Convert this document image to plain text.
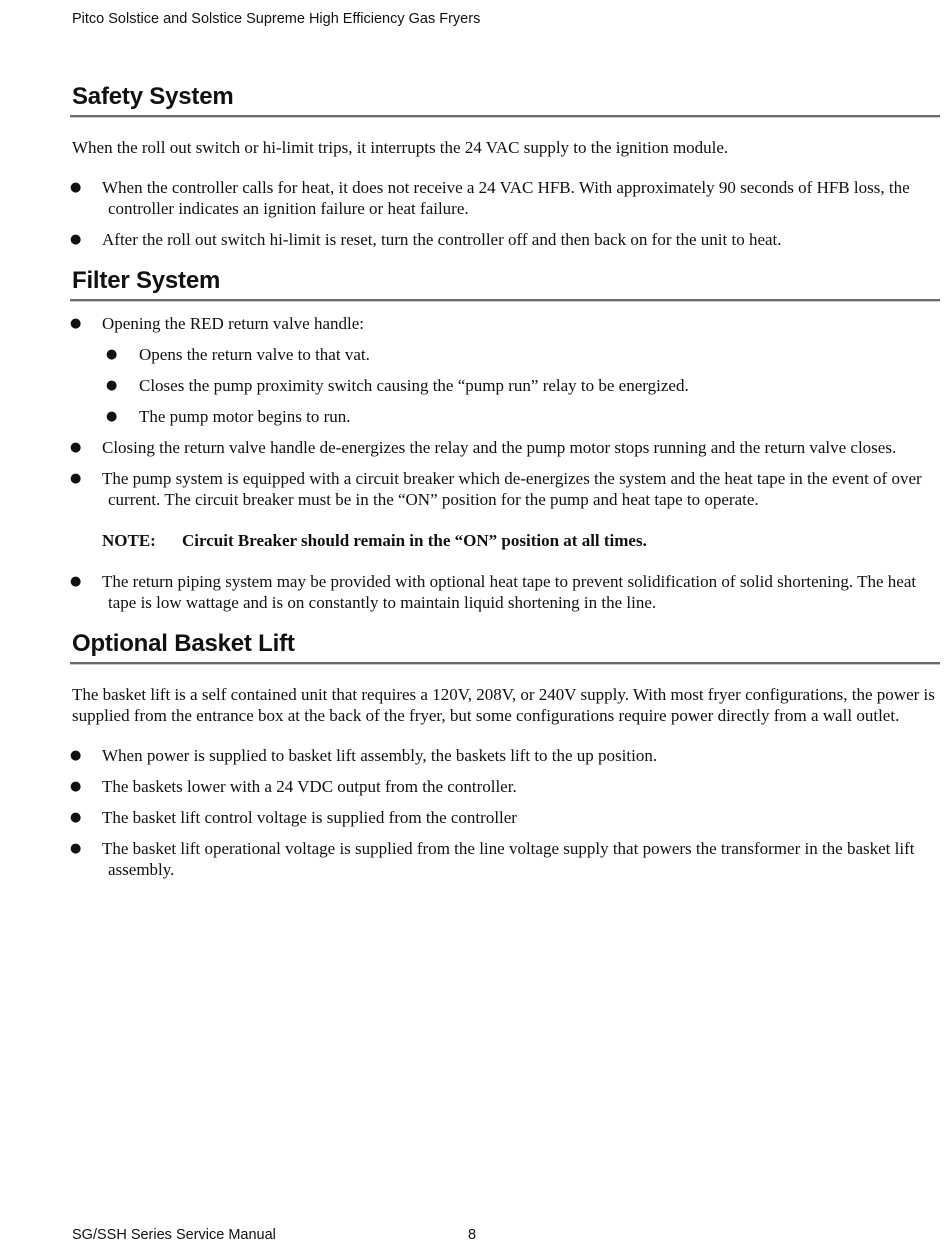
Pitco Solstice and Solstice Supreme High Efficiency Gas Fryers
Safety System

When the roll out switch or hi-limit trips, it interrupts the 24 VAC supply to the ignition module.

● When the controller calls for heat, it does not receive a 24 VAC HFB. With approximately 90 seconds of HFB loss, the controller indicates an ignition failure or heat failure.
● After the roll out switch hi-limit is reset, turn the controller off and then back on for the unit to heat.
Filter System
● Opening the RED return valve handle:
● Opens the return valve to that vat.
● Closes the pump proximity switch causing the “pump run” relay to be energized.
● The pump motor begins to run.
● Closing the return valve handle de-energizes the relay and the pump motor stops running and the return valve closes.
● The pump system is equipped with a circuit breaker which de-energizes the system and the heat tape in the event of over current. The circuit breaker must be in the “ON” position for the pump and heat tape to operate.
NOTE: Circuit Breaker should remain in the “ON” position at all times.
● The return piping system may be provided with optional heat tape to prevent solidification of solid shortening. The heat tape is low wattage and is on constantly to maintain liquid shortening in the line.
Optional Basket Lift

The basket lift is a self contained unit that requires a 120V, 208V, or 240V supply. With most fryer configurations, the power is supplied from the entrance box at the back of the fryer, but some configurations require power directly from a wall outlet.

● When power is supplied to basket lift assembly, the baskets lift to the up position.
● The baskets lower with a 24 VDC output from the controller.
● The basket lift control voltage is supplied from the controller
● The basket lift operational voltage is supplied from the line voltage supply that powers the transformer in the basket lift assembly.
SG/SSH Series Service Manual	8
